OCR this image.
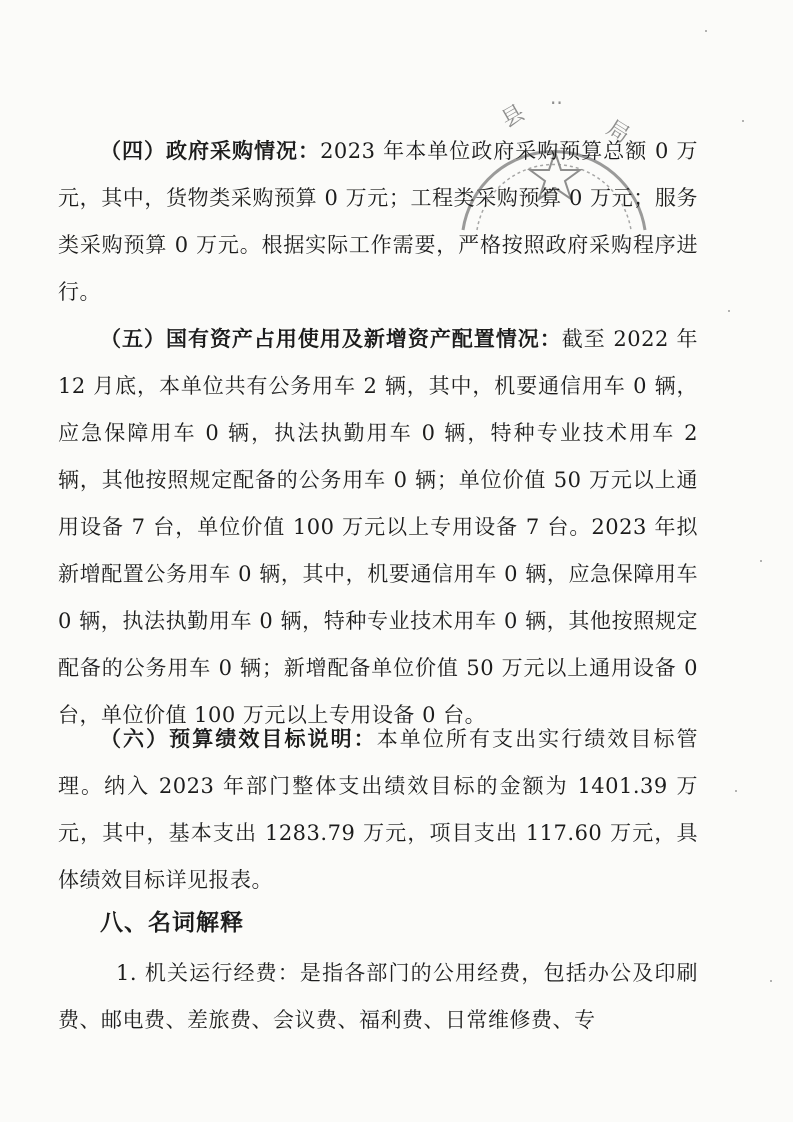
县 ··
局

（四）政府采购情况：2023 年本单位政府采购预算总额 0 万元，其中，货物类采购预算 0 万元；工程类采购预算 0 万元；服务类采购预算 0 万元。根据实际工作需要，严格按照政府采购程序进行。

（五）国有资产占用使用及新增资产配置情况：截至 2022 年 12 月底，本单位共有公务用车 2 辆，其中，机要通信用车 0 辆，应急保障用车 0 辆，执法执勤用车 0 辆，特种专业技术用车 2 辆，其他按照规定配备的公务用车 0 辆；单位价值 50 万元以上通用设备 7 台，单位价值 100 万元以上专用设备 7 台。2023 年拟新增配置公务用车 0 辆，其中，机要通信用车 0 辆，应急保障用车 0 辆，执法执勤用车 0 辆，特种专业技术用车 0 辆，其他按照规定配备的公务用车 0 辆；新增配备单位价值 50 万元以上通用设备 0 台，单位价值 100 万元以上专用设备 0 台。

（六）预算绩效目标说明：本单位所有支出实行绩效目标管理。纳入 2023 年部门整体支出绩效目标的金额为 1401.39 万元，其中，基本支出 1283.79 万元，项目支出 117.60 万元，具体绩效目标详见报表。

八、名词解释

1. 机关运行经费：是指各部门的公用经费，包括办公及印刷费、邮电费、差旅费、会议费、福利费、日常维修费、专
